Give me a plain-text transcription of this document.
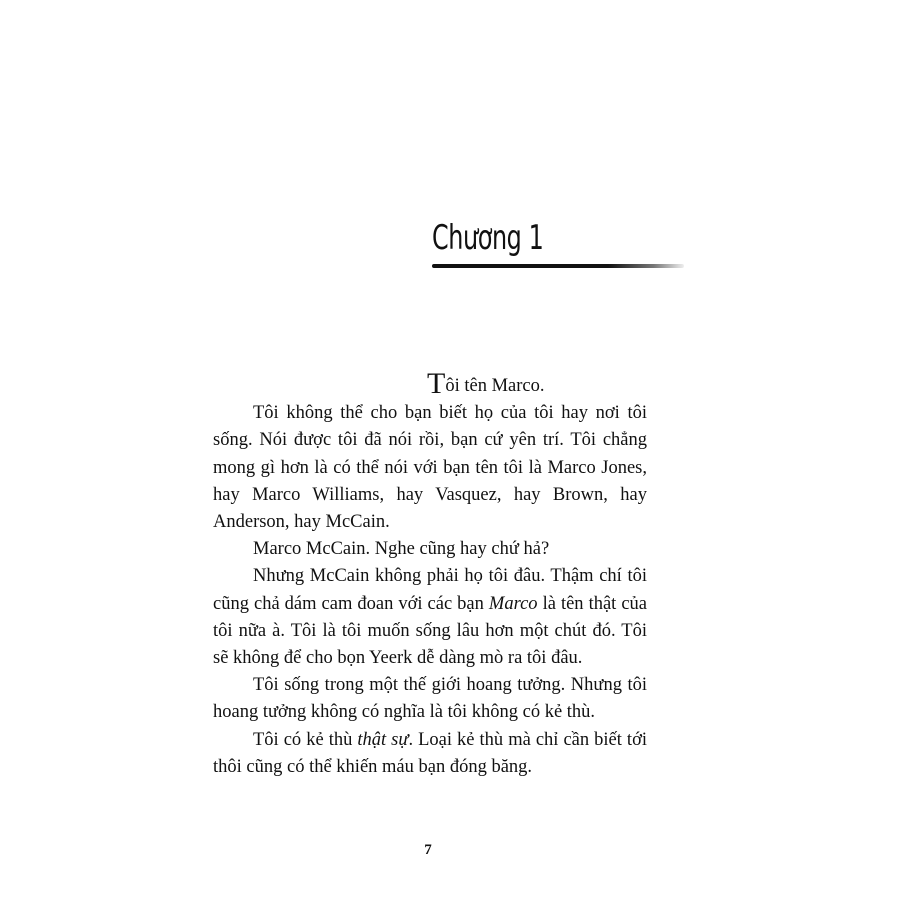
Chương 1

Tôi tên Marco.

Tôi không thể cho bạn biết họ của tôi hay nơi tôi sống. Nói được tôi đã nói rồi, bạn cứ yên trí. Tôi chẳng mong gì hơn là có thể nói với bạn tên tôi là Marco Jones, hay Marco Williams, hay Vasquez, hay Brown, hay Anderson, hay McCain.

Marco McCain. Nghe cũng hay chứ hả?

Nhưng McCain không phải họ tôi đâu. Thậm chí tôi cũng chả dám cam đoan với các bạn Marco là tên thật của tôi nữa à. Tôi là tôi muốn sống lâu hơn một chút đó. Tôi sẽ không để cho bọn Yeerk dễ dàng mò ra tôi đâu.

Tôi sống trong một thế giới hoang tưởng. Nhưng tôi hoang tưởng không có nghĩa là tôi không có kẻ thù.

Tôi có kẻ thù thật sự. Loại kẻ thù mà chỉ cần biết tới thôi cũng có thể khiến máu bạn đóng băng.

7
